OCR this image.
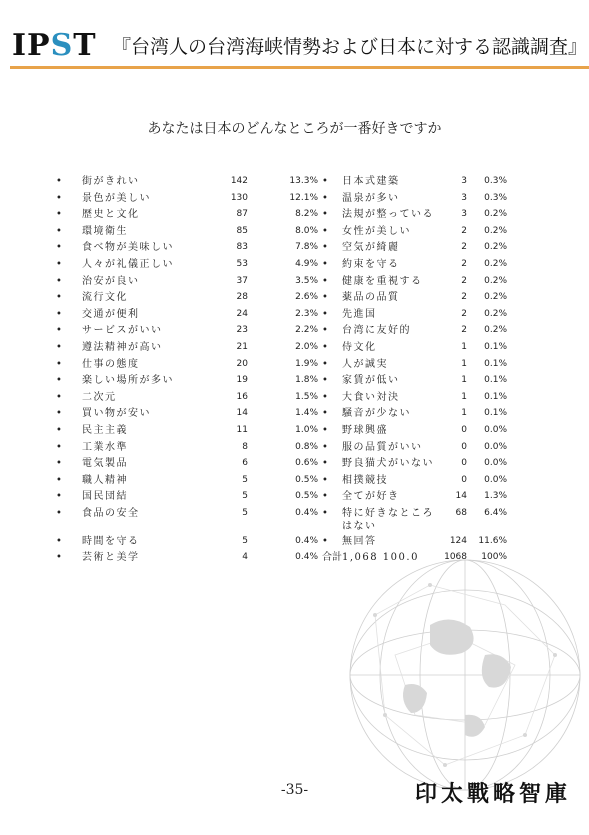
IPST 『台湾人の台湾海峡情勢および日本に対する認識調査』
あなたは日本のどんなところが一番好きですか
•	街がきれい	142	13.3%	•	日本式建築	3	0.3%
•	景色が美しい	130	12.1%	•	温泉が多い	3	0.3%
•	歴史と文化	87	8.2%	•	法規が整っている	3	0.2%
•	環境衛生	85	8.0%	•	女性が美しい	2	0.2%
•	食べ物が美味しい	83	7.8%	•	空気が綺麗	2	0.2%
•	人々が礼儀正しい	53	4.9%	•	約束を守る	2	0.2%
•	治安が良い	37	3.5%	•	健康を重視する	2	0.2%
•	流行文化	28	2.6%	•	薬品の品質	2	0.2%
•	交通が便利	24	2.3%	•	先進国	2	0.2%
•	サービスがいい	23	2.2%	•	台湾に友好的	2	0.2%
•	遵法精神が高い	21	2.0%	•	侍文化	1	0.1%
•	仕事の態度	20	1.9%	•	人が誠実	1	0.1%
•	楽しい場所が多い	19	1.8%	•	家賃が低い	1	0.1%
•	二次元	16	1.5%	•	大食い対決	1	0.1%
•	買い物が安い	14	1.4%	•	騒音が少ない	1	0.1%
•	民主主義	11	1.0%	•	野球興盛	0	0.0%
•	工業水準	8	0.8%	•	服の品質がいい	0	0.0%
•	電気製品	6	0.6%	•	野良猫犬がいない	0	0.0%
•	職人精神	5	0.5%	•	相撲競技	0	0.0%
•	国民団結	5	0.5%	•	全てが好き	14	1.3%
•	食品の安全	5	0.4%	•	特に好きなところはない	68	6.4%
•	時間を守る	5	0.4%	•	無回答	124	11.6%
•	芸術と美学	4	0.4%	合計	1,068 100.0	1068	100%
-35-	印太戰略智庫
